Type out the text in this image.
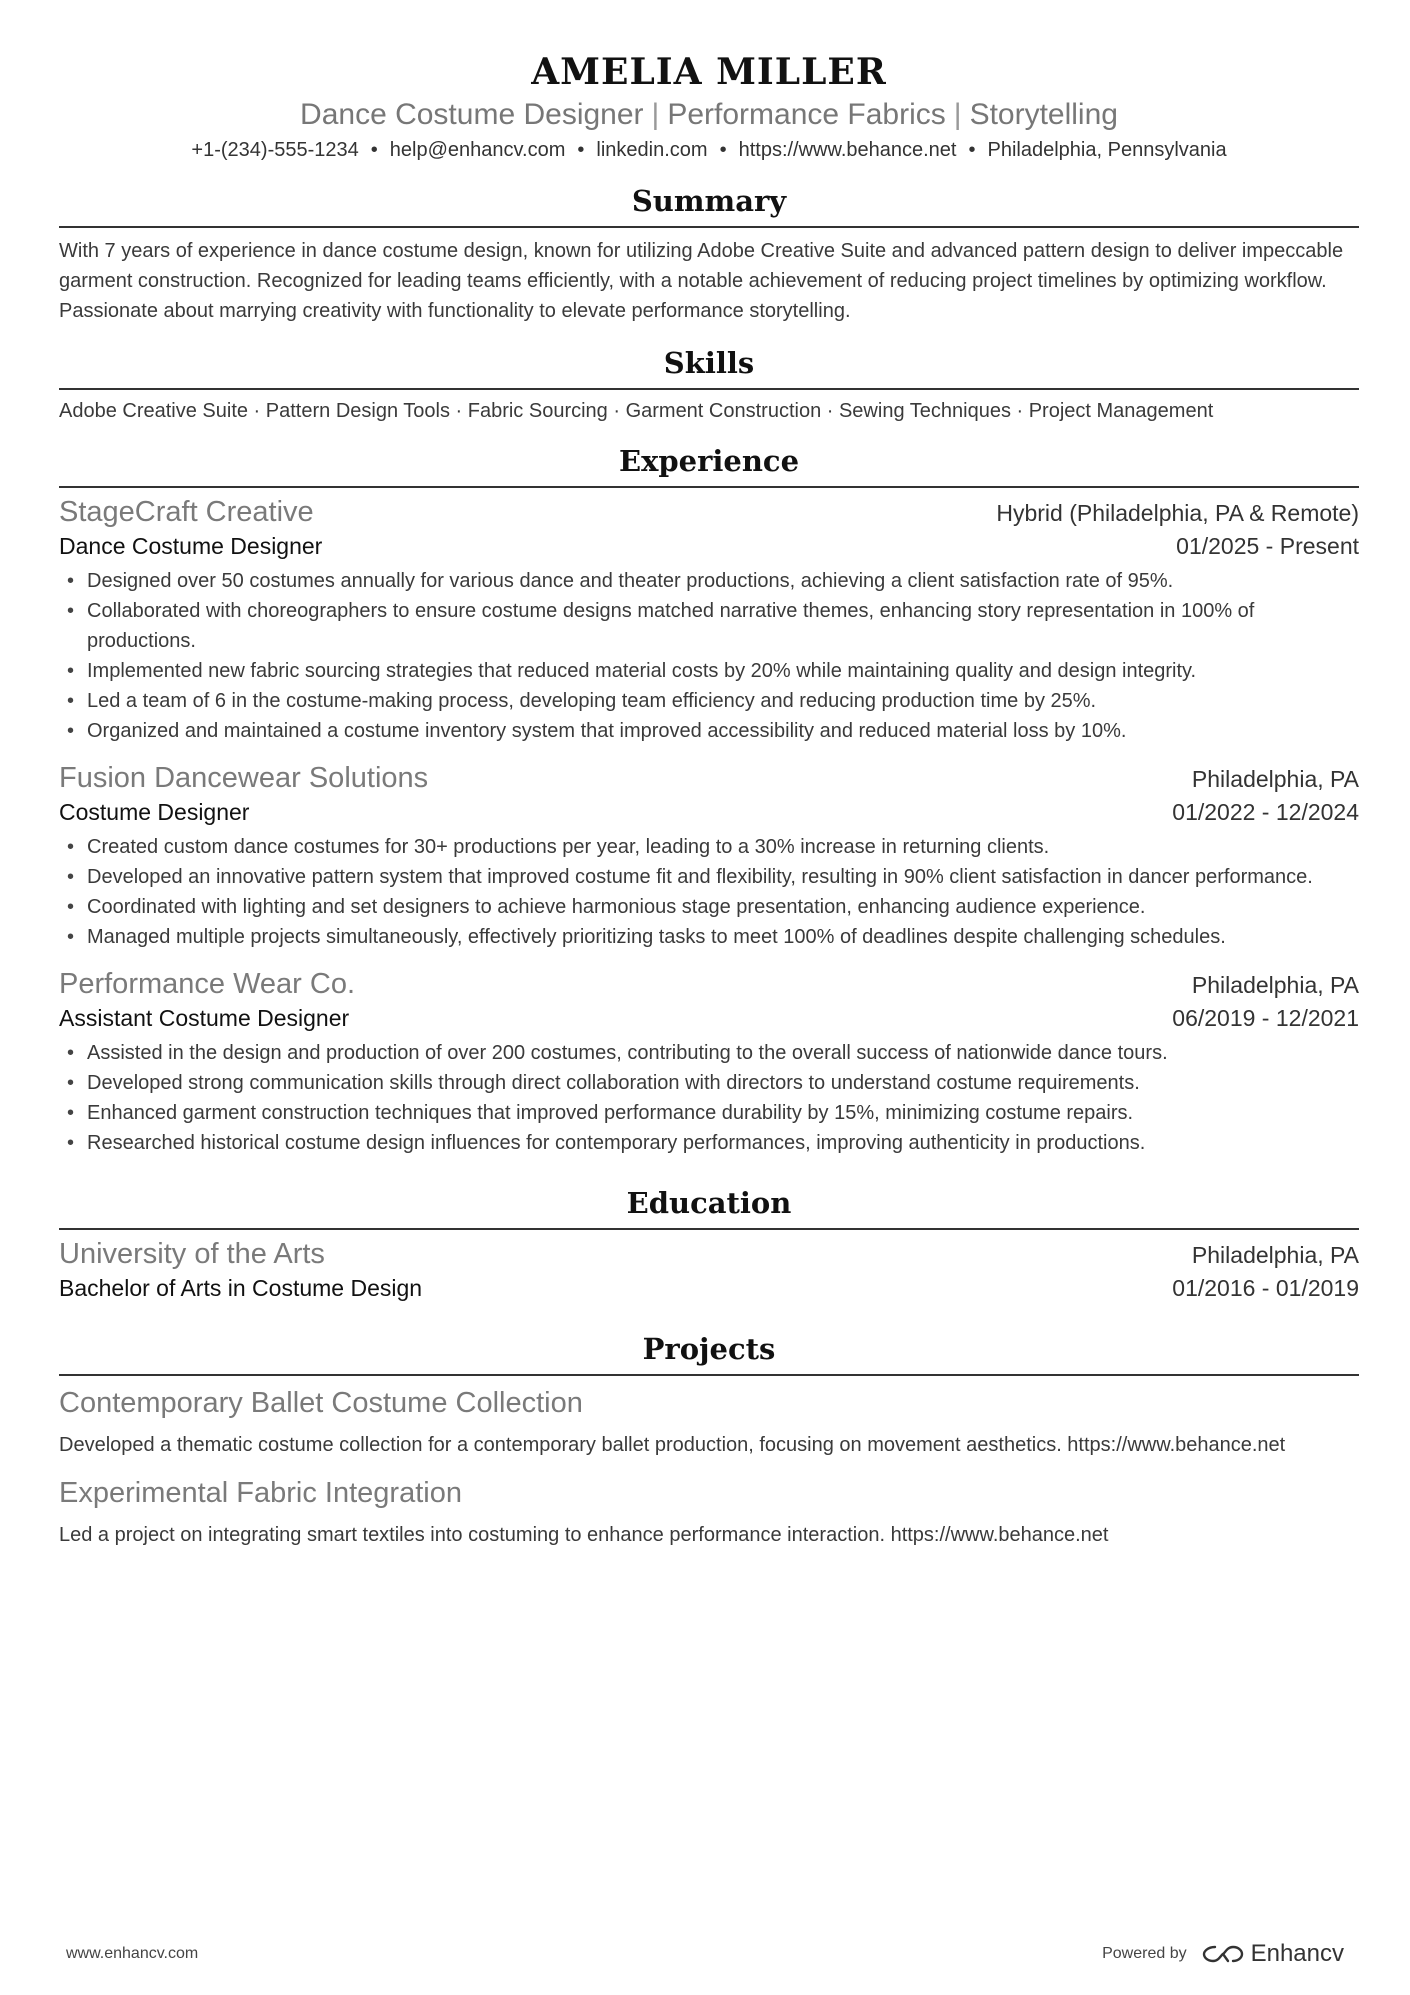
AMELIA MILLER
Dance Costume Designer | Performance Fabrics | Storytelling
+1-(234)-555-1234 • help@enhancv.com • linkedin.com • https://www.behance.net • Philadelphia, Pennsylvania
Summary
With 7 years of experience in dance costume design, known for utilizing Adobe Creative Suite and advanced pattern design to deliver impeccable garment construction. Recognized for leading teams efficiently, with a notable achievement of reducing project timelines by optimizing workflow. Passionate about marrying creativity with functionality to elevate performance storytelling.
Skills
Adobe Creative Suite · Pattern Design Tools · Fabric Sourcing · Garment Construction · Sewing Techniques · Project Management
Experience
StageCraft Creative	Hybrid (Philadelphia, PA & Remote)
Dance Costume Designer	01/2025 - Present
• Designed over 50 costumes annually for various dance and theater productions, achieving a client satisfaction rate of 95%.
• Collaborated with choreographers to ensure costume designs matched narrative themes, enhancing story representation in 100% of productions.
• Implemented new fabric sourcing strategies that reduced material costs by 20% while maintaining quality and design integrity.
• Led a team of 6 in the costume-making process, developing team efficiency and reducing production time by 25%.
• Organized and maintained a costume inventory system that improved accessibility and reduced material loss by 10%.
Fusion Dancewear Solutions	Philadelphia, PA
Costume Designer	01/2022 - 12/2024
• Created custom dance costumes for 30+ productions per year, leading to a 30% increase in returning clients.
• Developed an innovative pattern system that improved costume fit and flexibility, resulting in 90% client satisfaction in dancer performance.
• Coordinated with lighting and set designers to achieve harmonious stage presentation, enhancing audience experience.
• Managed multiple projects simultaneously, effectively prioritizing tasks to meet 100% of deadlines despite challenging schedules.
Performance Wear Co.	Philadelphia, PA
Assistant Costume Designer	06/2019 - 12/2021
• Assisted in the design and production of over 200 costumes, contributing to the overall success of nationwide dance tours.
• Developed strong communication skills through direct collaboration with directors to understand costume requirements.
• Enhanced garment construction techniques that improved performance durability by 15%, minimizing costume repairs.
• Researched historical costume design influences for contemporary performances, improving authenticity in productions.
Education
University of the Arts	Philadelphia, PA
Bachelor of Arts in Costume Design	01/2016 - 01/2019
Projects
Contemporary Ballet Costume Collection
Developed a thematic costume collection for a contemporary ballet production, focusing on movement aesthetics. https://www.behance.net
Experimental Fabric Integration
Led a project on integrating smart textiles into costuming to enhance performance interaction. https://www.behance.net
www.enhancv.com	Powered by	Enhancv
